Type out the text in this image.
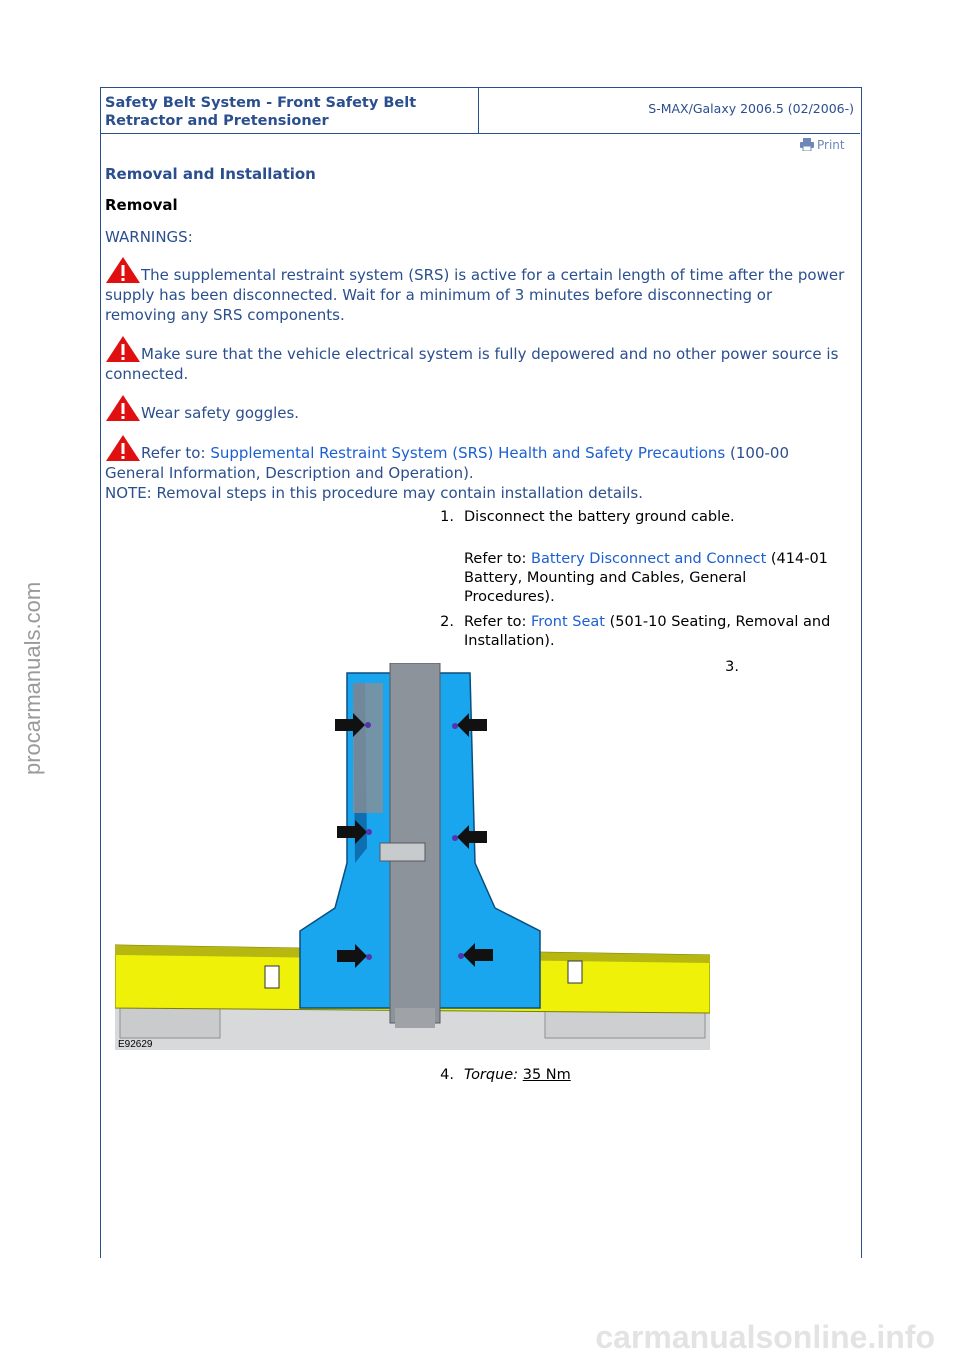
Safety Belt System - Front Safety Belt Retractor and Pretensioner
S-MAX/Galaxy 2006.5 (02/2006-)
Print
Removal and Installation
Removal
WARNINGS:
The supplemental restraint system (SRS) is active for a certain length of time after the power supply has been disconnected. Wait for a minimum of 3 minutes before disconnecting or removing any SRS components.
Make sure that the vehicle electrical system is fully depowered and no other power source is connected.
Wear safety goggles.
Refer to: Supplemental Restraint System (SRS) Health and Safety Precautions (100-00 General Information, Description and Operation).
NOTE: Removal steps in this procedure may contain installation details.
1. Disconnect the battery ground cable.
Refer to: Battery Disconnect and Connect (414-01 Battery, Mounting and Cables, General Procedures).
2. Refer to: Front Seat (501-10 Seating, Removal and Installation).
3.
E92629
4. Torque: 35 Nm
procarmanuals.com
carmanualsonline.info
